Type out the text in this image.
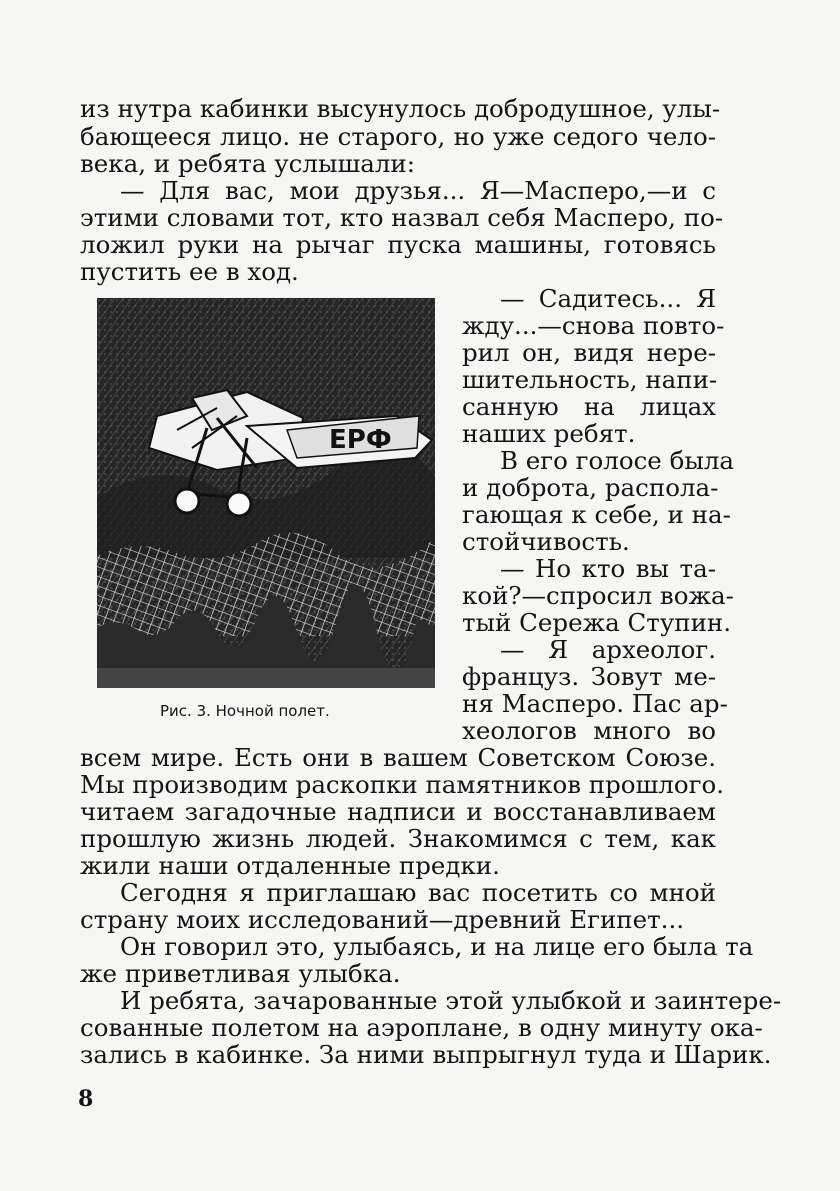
из нутра кабинки высунулось добродушное, улы-
бающееся лицо. не старого, но уже седого чело-
века, и ребята услышали:
— Для вас, мои друзья... Я—Масперо,—и с
этими словами тот, кто назвал себя Масперо, по-
ложил руки на рычаг пуска машины, готовясь
пустить ее в ход.
ЕРФ
Рис. 3. Ночной полет.
— Садитесь... Я
жду...—снова повто-
рил он, видя нере-
шительность, напи-
санную на лицах
наших ребят.
В его голосе была
и доброта, распола-
гающая к себе, и на-
стойчивость.
— Но кто вы та-
кой?—спросил вожа-
тый Сережа Ступин.
— Я археолог.
француз. Зовут ме-
ня Масперо. Пас ар-
хеологов много во
всем мире. Есть они в вашем Советском Союзе.
Мы производим раскопки памятников прошлого.
читаем загадочные надписи и восстанавливаем
прошлую жизнь людей. Знакомимся с тем, как
жили наши отдаленные предки.
Сегодня я приглашаю вас посетить со мной
страну моих исследований—древний Египет...
Он говорил это, улыбаясь, и на лице его была та
же приветливая улыбка.
И ребята, зачарованные этой улыбкой и заинтере-
сованные полетом на аэроплане, в одну минуту ока-
зались в кабинке. За ними выпрыгнул туда и Шарик.
8
